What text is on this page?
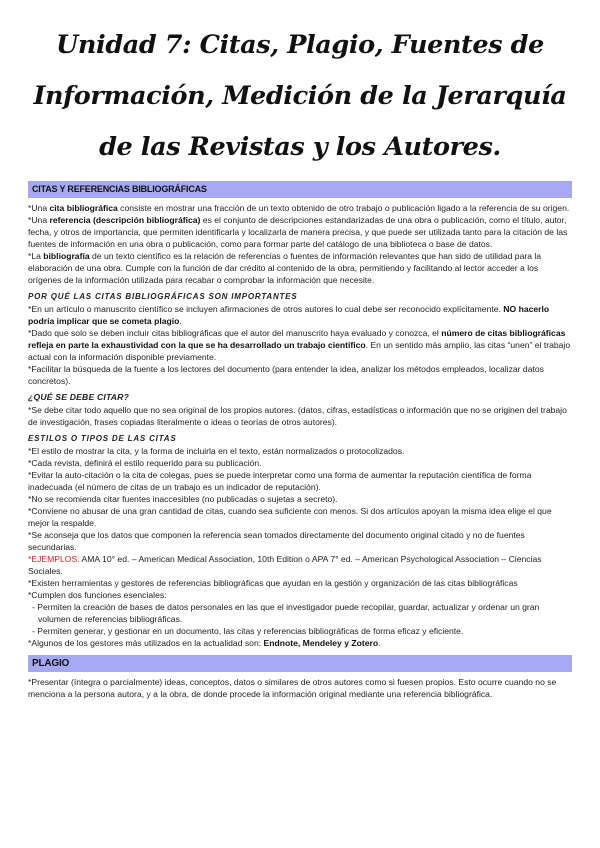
Unidad 7: Citas, Plagio, Fuentes de Información, Medición de la Jerarquía de las Revistas y los Autores.
CITAS Y REFERENCIAS BIBLIOGRÁFICAS

*Una cita bibliográfica consiste en mostrar una fracción de un texto obtenido de otro trabajo o publicación ligado a la referencia de su origen.

*Una referencia (descripción bibliográfica) es el conjunto de descripciones estandarizadas de una obra o publicación, como el título, autor, fecha, y otros de importancia, que permiten identificarla y localizarla de manera precisa, y que puede ser utilizada tanto para la citación de las fuentes de información en una obra o publicación, como para formar parte del catálogo de una biblioteca o base de datos.

*La bibliografía de un texto científico es la relación de referencias o fuentes de información relevantes que han sido de utilidad para la elaboración de una obra. Cumple con la función de dar crédito al contenido de la obra, permitiendo y facilitando al lector acceder a los orígenes de la información utilizada para recabar o comprobar la información que necesite.

POR QUÉ LAS CITAS BIBLIOGRÁFICAS SON IMPORTANTES

*En un artículo o manuscrito científico se incluyen afirmaciones de otros autores lo cual debe ser reconocido explícitamente. NO hacerlo podría implicar que se cometa plagio.

*Dado que solo se deben incluir citas bibliográficas que el autor del manuscrito haya evaluado y conozca, el número de citas bibliográficas refleja en parte la exhaustividad con la que se ha desarrollado un trabajo científico. En un sentido más amplio, las citas “unen” el trabajo actual con la información disponible previamente.

*Facilitar la búsqueda de la fuente a los lectores del documento (para entender la idea, analizar los métodos empleados, localizar datos concretos).

¿QUÉ SE DEBE CITAR?

*Se debe citar todo aquello que no sea original de los propios autores. (datos, cifras, estadísticas o información que no se originen del trabajo de investigación, frases copiadas literalmente o ideas o teorías de otros autores).

ESTILOS O TIPOS DE LAS CITAS

*El estilo de mostrar la cita, y la forma de incluirla en el texto, están normalizados o protocolizados.

*Cada revista, definirá el estilo requerido para su publicación.

*Evitar la auto-citación o la cita de colegas, pues se puede interpretar como una forma de aumentar la reputación científica de forma inadecuada (el número de citas de un trabajo es un indicador de reputación).

*No se recomienda citar fuentes inaccesibles (no publicadas o sujetas a secreto).

*Conviene no abusar de una gran cantidad de citas, cuando sea suficiente con menos. Si dos artículos apoyan la misma idea elige el que mejor la respalde.

*Se aconseja que los datos que componen la referencia sean tomados directamente del documento original citado y no de fuentes secundarias.

*EJEMPLOS: AMA 10° ed. – American Medical Association, 10th Edition o APA 7° ed. – American Psychological Association – Ciencias Sociales.

*Existen herramientas y gestores de referencias bibliográficas que ayudan en la gestión y organización de las citas bibliográficas

*Cumplen dos funciones esenciales:

- Permiten la creación de bases de datos personales en las que el investigador puede recopilar, guardar, actualizar y ordenar un gran volumen de referencias bibliográficas.

- Permiten generar, y gestionar en un documento, las citas y referencias bibliográficas de forma eficaz y eficiente.

*Algunos de los gestores más utilizados en la actualidad son: Endnote, Mendeley y Zotero.

PLAGIO

*Presentar (íntegra o parcialmente) ideas, conceptos, datos o similares de otros autores como si fuesen propios. Esto ocurre cuando no se menciona a la persona autora, y a la obra, de donde procede la información original mediante una referencia bibliográfica.
